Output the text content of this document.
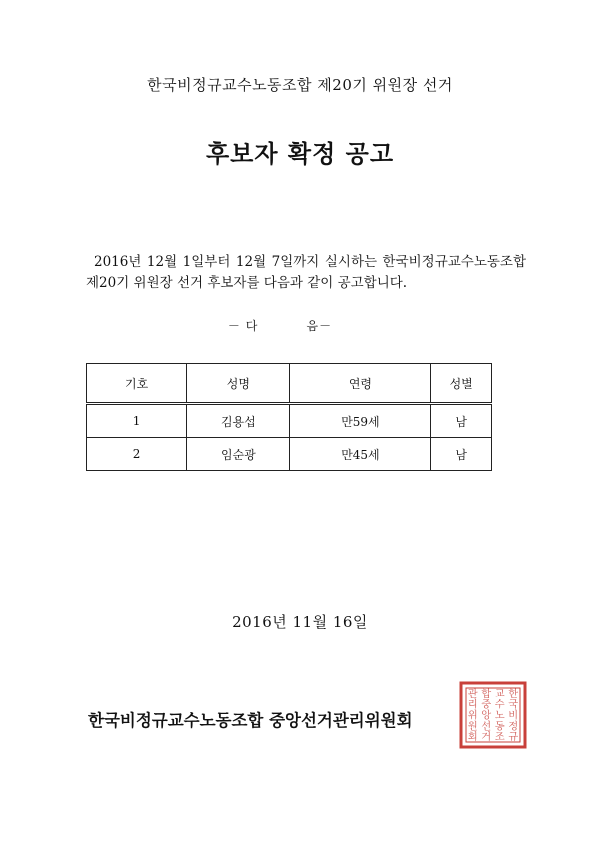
한국비정규교수노동조합 제20기 위원장 선거
후보자 확정 공고
2016년 12월 1일부터 12월 7일까지 실시하는 한국비정규교수노동조합 제20기 위원장 선거 후보자를 다음과 같이 공고합니다.
－ 다	음－
기호	성명	연령	성별
1	김용섭	만59세	남
2	임순광	만45세	남
2016년 11월 16일
한국비정규교수노동조합 중앙선거관리위원회
한
국
비
정
규
교
수
노
동
조
합
중
앙
선
거
관
리
위
원
회
